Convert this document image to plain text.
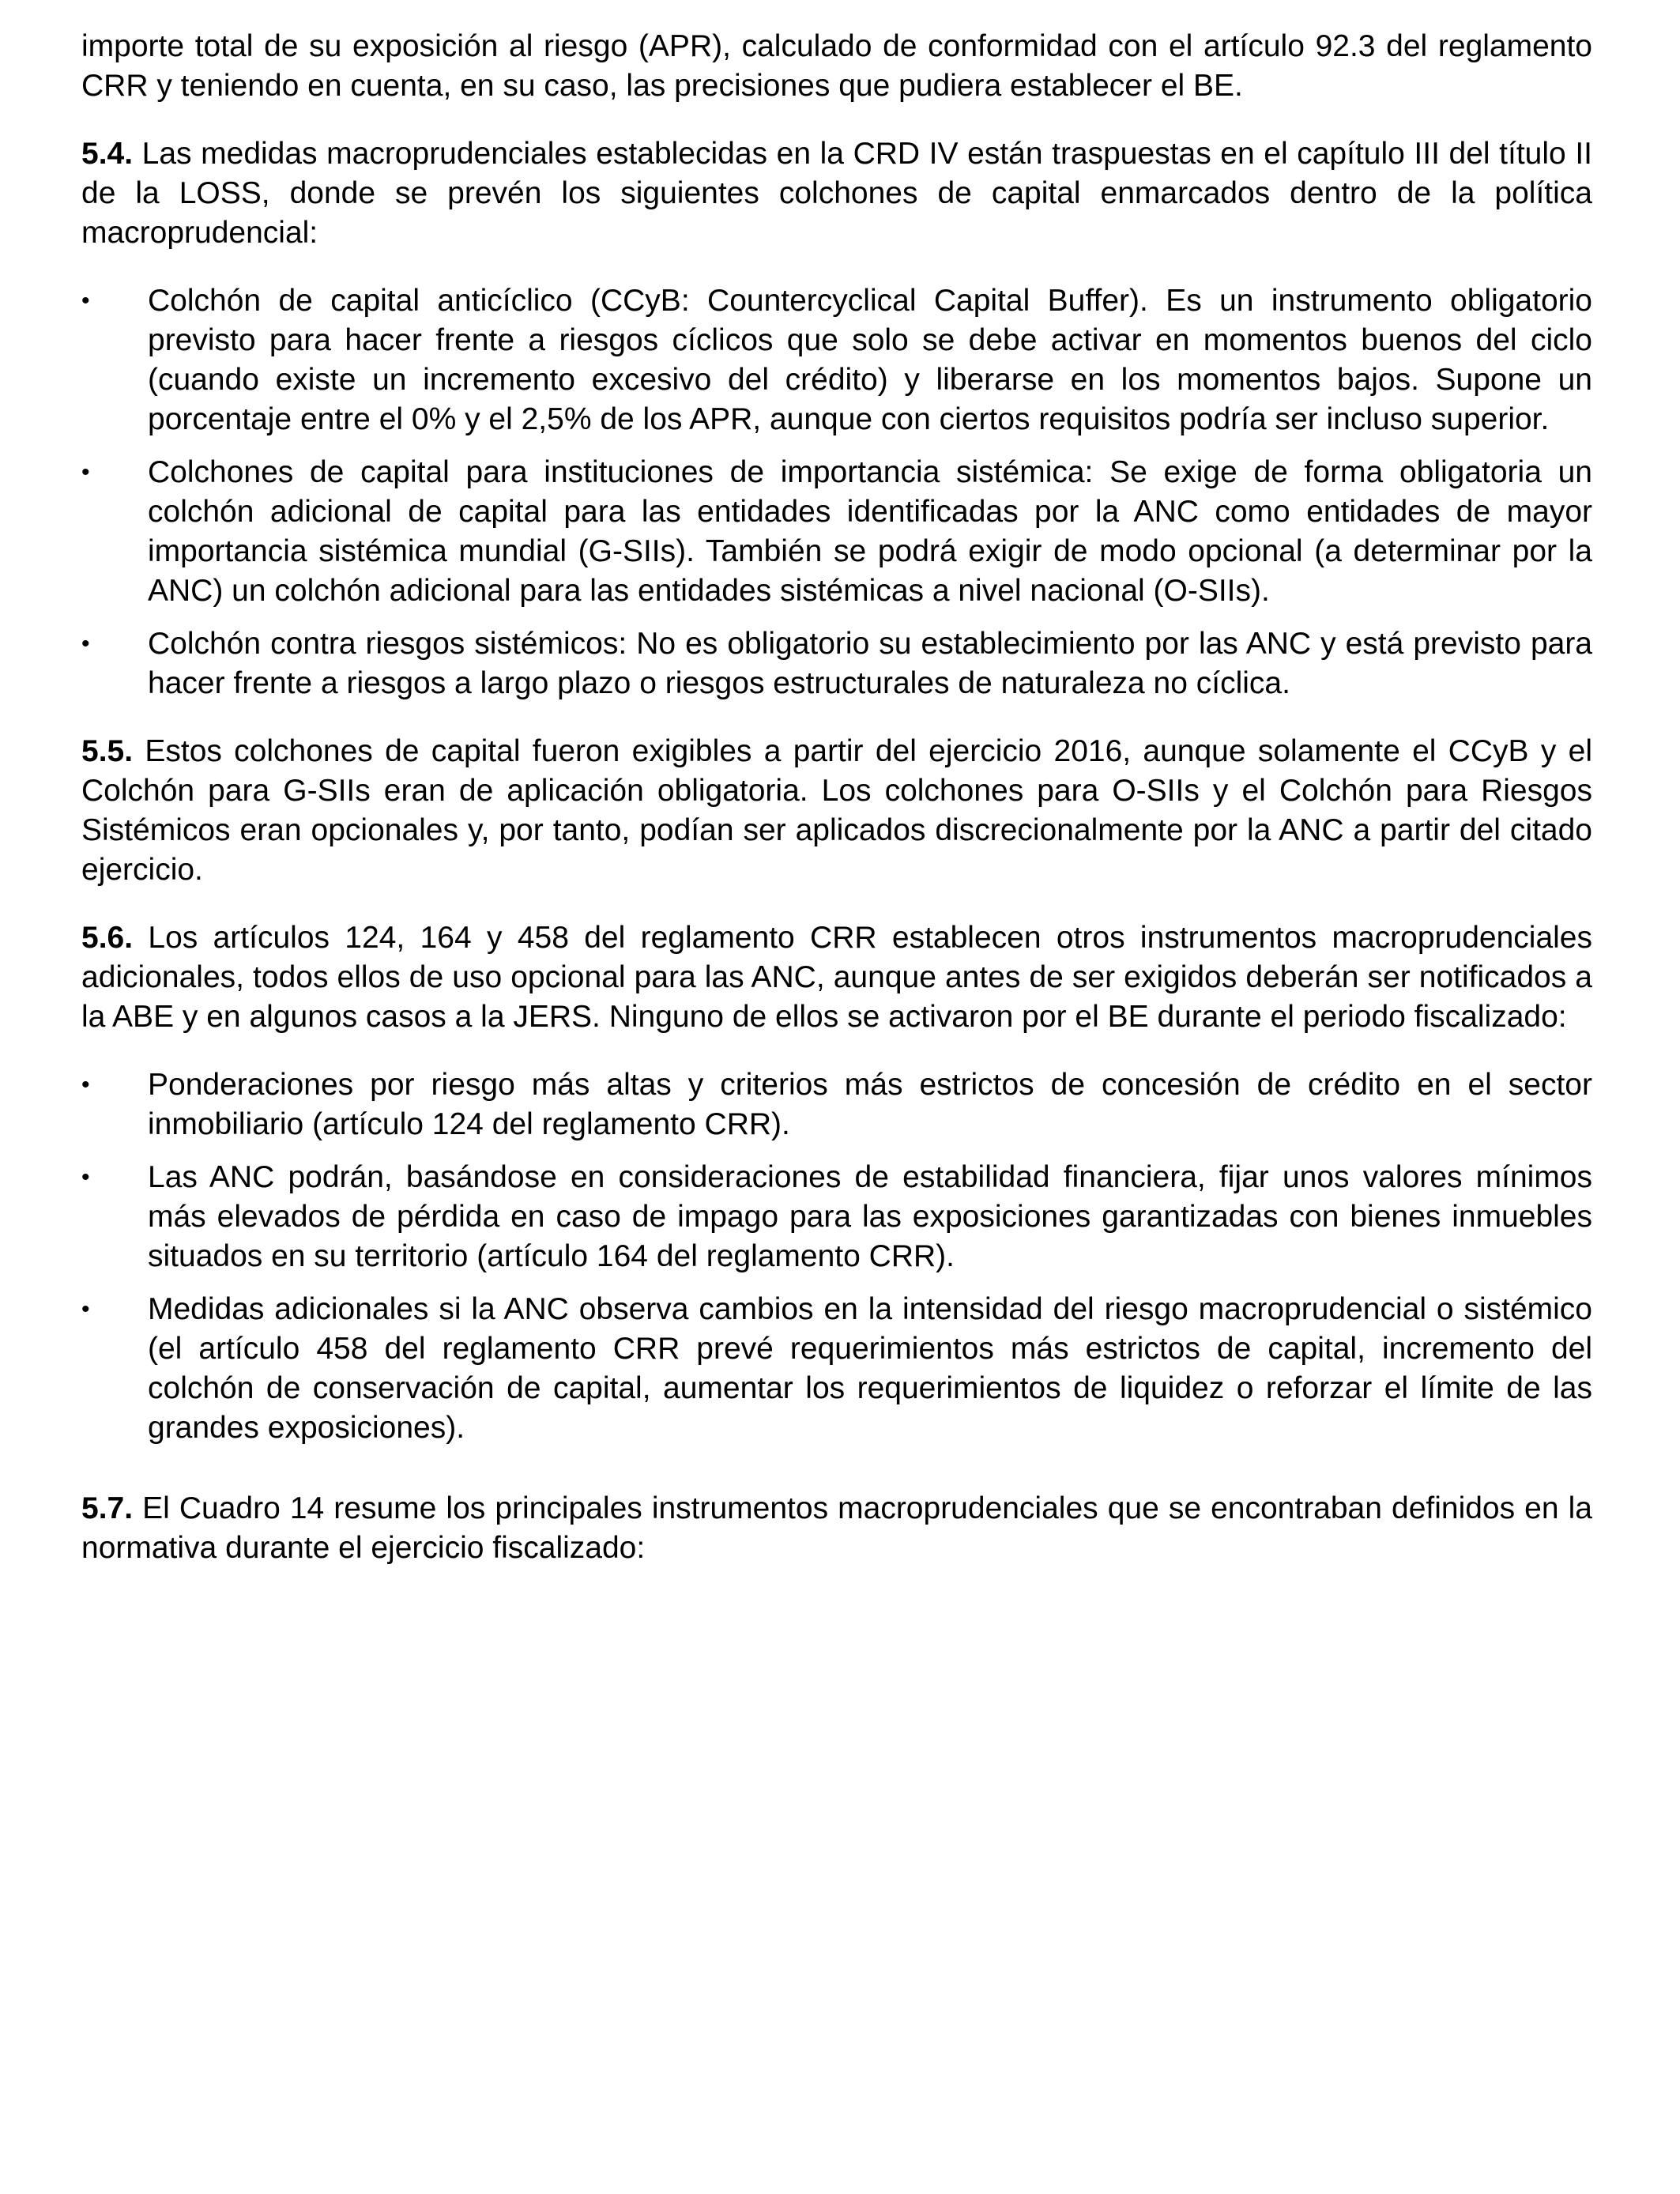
importe total de su exposición al riesgo (APR), calculado de conformidad con el artículo 92.3 del reglamento CRR y teniendo en cuenta, en su caso, las precisiones que pudiera establecer el BE.

5.4. Las medidas macroprudenciales establecidas en la CRD IV están traspuestas en el capítulo III del título II de la LOSS, donde se prevén los siguientes colchones de capital enmarcados dentro de la política macroprudencial:

•	Colchón de capital anticíclico (CCyB: Countercyclical Capital Buffer). Es un instrumento obligatorio previsto para hacer frente a riesgos cíclicos que solo se debe activar en momentos buenos del ciclo (cuando existe un incremento excesivo del crédito) y liberarse en los momentos bajos. Supone un porcentaje entre el 0% y el 2,5% de los APR, aunque con ciertos requisitos podría ser incluso superior.
•	Colchones de capital para instituciones de importancia sistémica: Se exige de forma obligatoria un colchón adicional de capital para las entidades identificadas por la ANC como entidades de mayor importancia sistémica mundial (G-SIIs). También se podrá exigir de modo opcional (a determinar por la ANC) un colchón adicional para las entidades sistémicas a nivel nacional (O-SIIs).
•	Colchón contra riesgos sistémicos: No es obligatorio su establecimiento por las ANC y está previsto para hacer frente a riesgos a largo plazo o riesgos estructurales de naturaleza no cíclica.

5.5. Estos colchones de capital fueron exigibles a partir del ejercicio 2016, aunque solamente el CCyB y el Colchón para G-SIIs eran de aplicación obligatoria. Los colchones para O-SIIs y el Colchón para Riesgos Sistémicos eran opcionales y, por tanto, podían ser aplicados discrecionalmente por la ANC a partir del citado ejercicio.

5.6. Los artículos 124, 164 y 458 del reglamento CRR establecen otros instrumentos macroprudenciales adicionales, todos ellos de uso opcional para las ANC, aunque antes de ser exigidos deberán ser notificados a la ABE y en algunos casos a la JERS. Ninguno de ellos se activaron por el BE durante el periodo fiscalizado:

•	Ponderaciones por riesgo más altas y criterios más estrictos de concesión de crédito en el sector inmobiliario (artículo 124 del reglamento CRR).
•	Las ANC podrán, basándose en consideraciones de estabilidad financiera, fijar unos valores mínimos más elevados de pérdida en caso de impago para las exposiciones garantizadas con bienes inmuebles situados en su territorio (artículo 164 del reglamento CRR).
•	Medidas adicionales si la ANC observa cambios en la intensidad del riesgo macroprudencial o sistémico (el artículo 458 del reglamento CRR prevé requerimientos más estrictos de capital, incremento del colchón de conservación de capital, aumentar los requerimientos de liquidez o reforzar el límite de las grandes exposiciones).

5.7. El Cuadro 14 resume los principales instrumentos macroprudenciales que se encontraban definidos en la normativa durante el ejercicio fiscalizado:
